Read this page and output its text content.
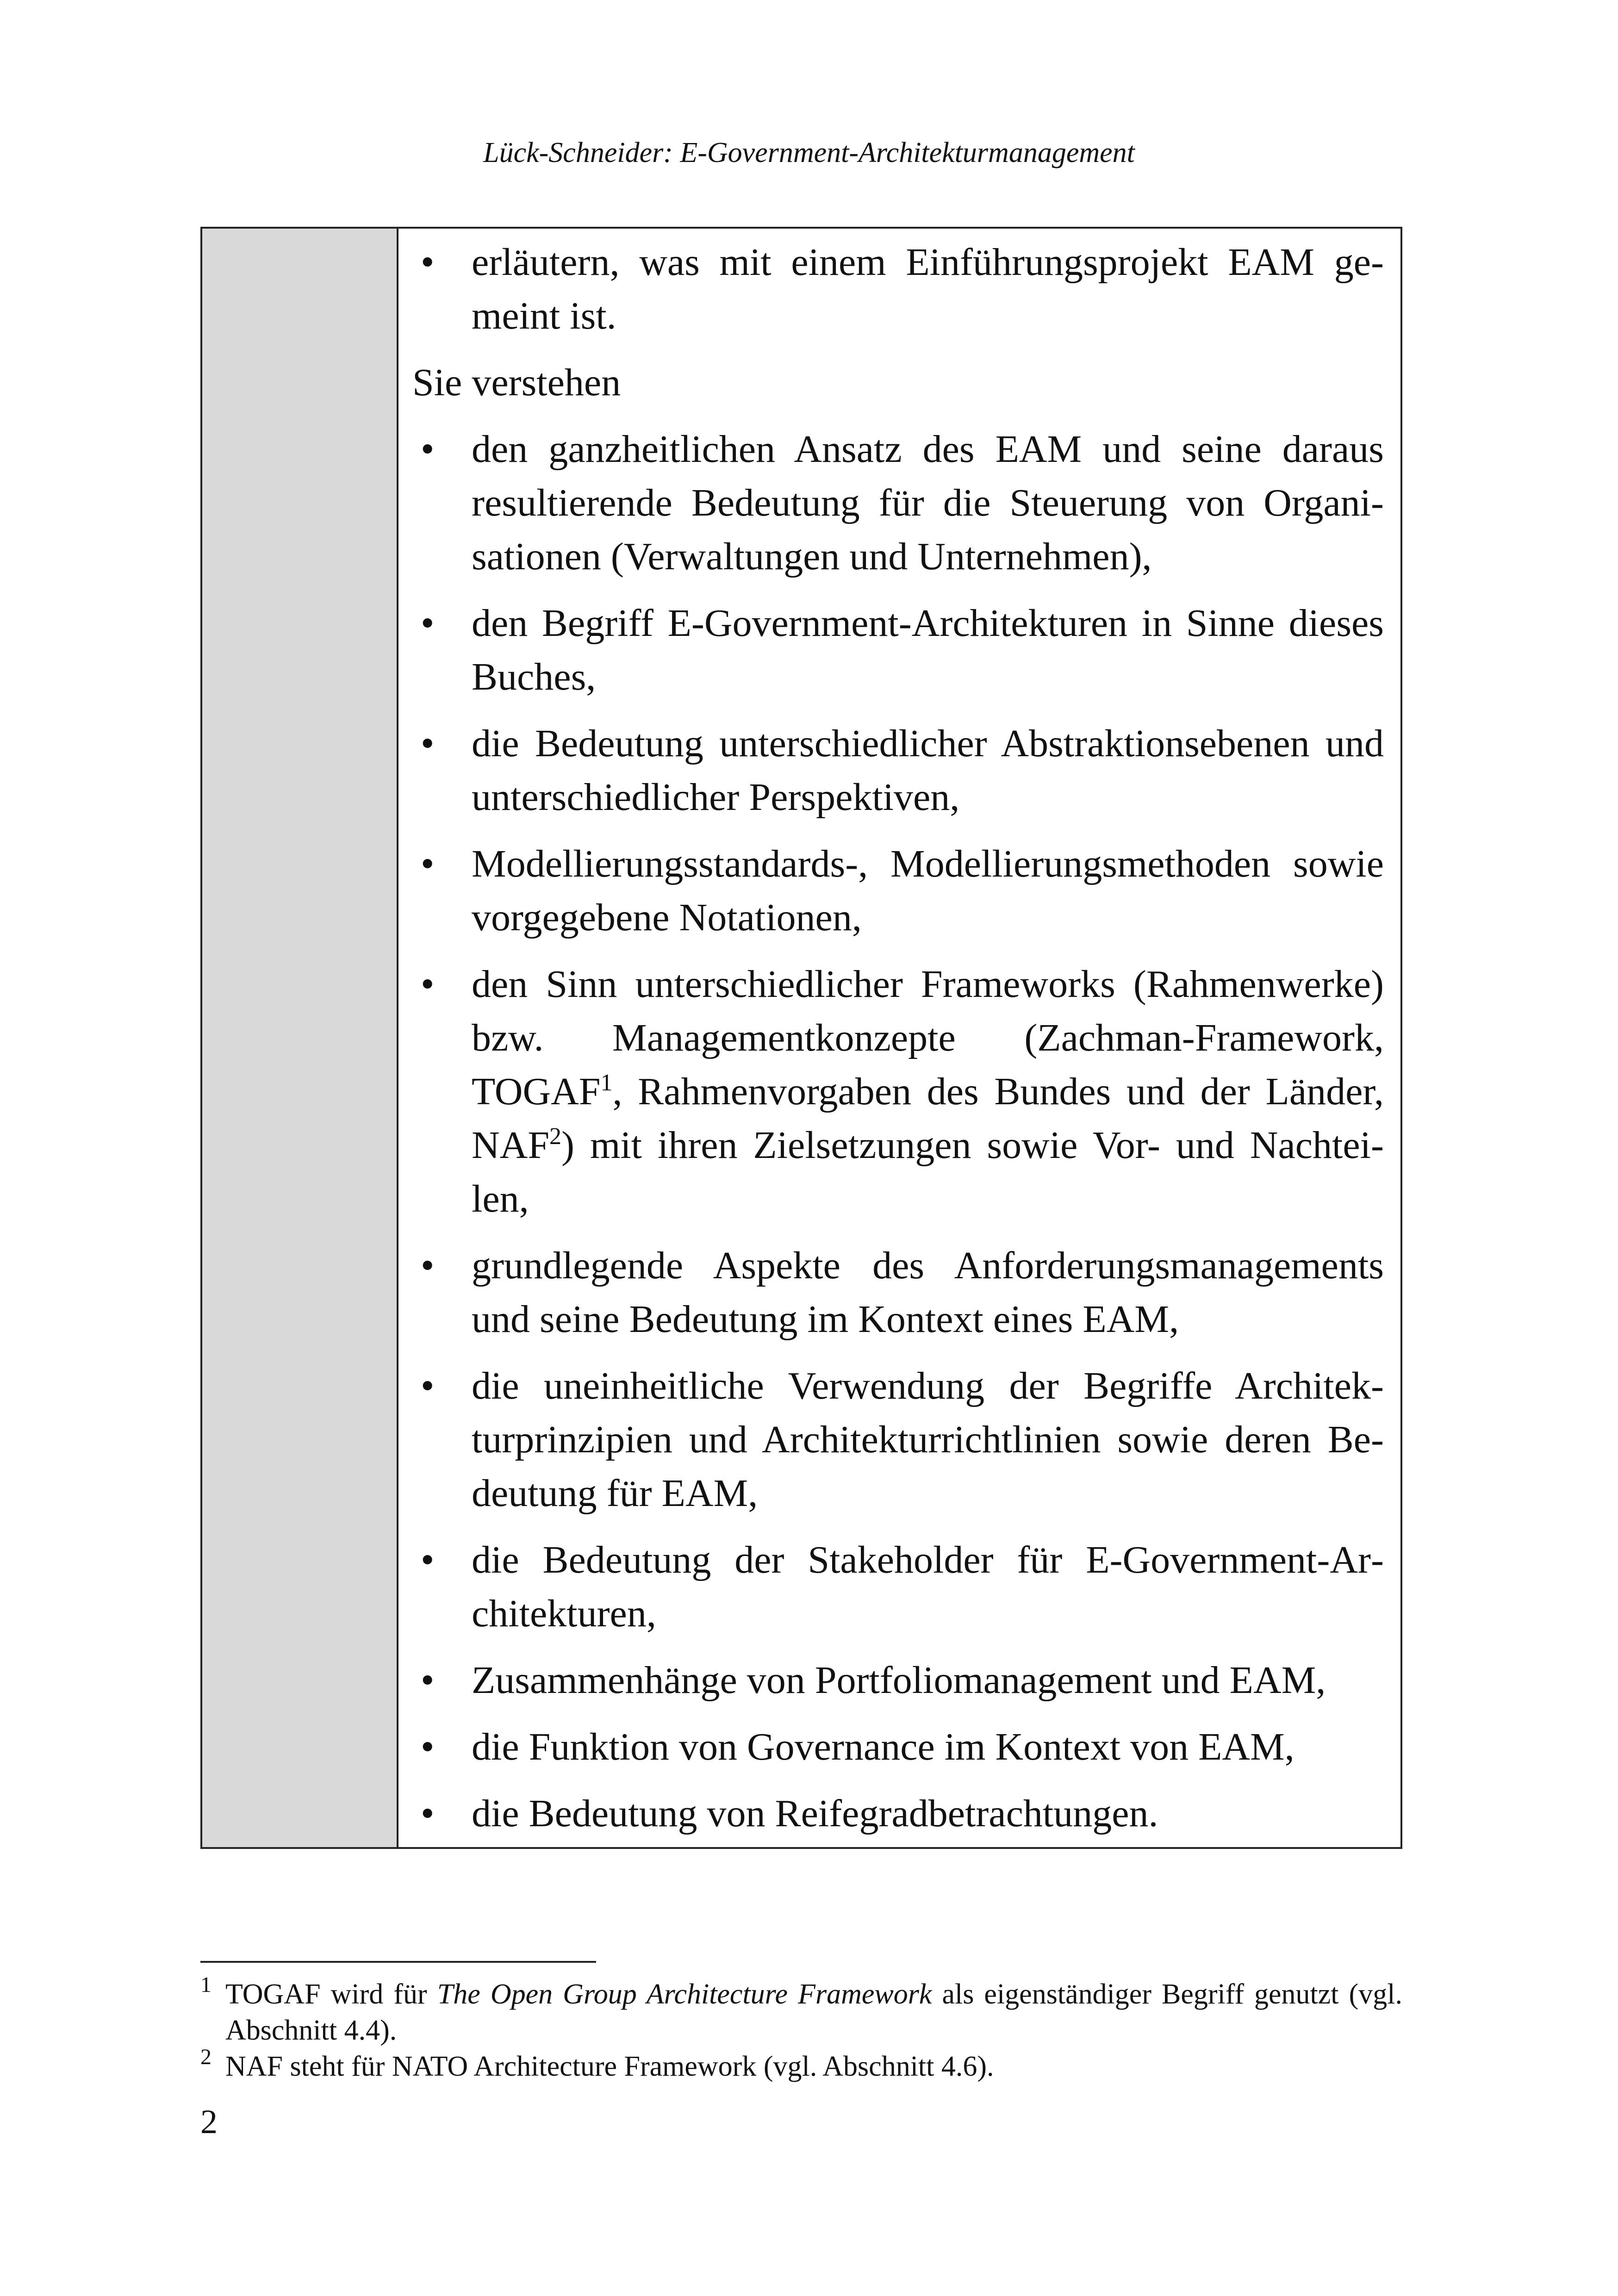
Lück-Schneider: E-Government-Architekturmanagement
• erläutern, was mit einem Einführungsprojekt EAM gemeint ist.

Sie verstehen

• den ganzheitlichen Ansatz des EAM und seine daraus resultierende Bedeutung für die Steuerung von Organisationen (Verwaltungen und Unternehmen),
• den Begriff E-Government-Architekturen in Sinne dieses Buches,
• die Bedeutung unterschiedlicher Abstraktionsebenen und unterschiedlicher Perspektiven,
• Modellierungsstandards-, Modellierungsmethoden sowie vorgegebene Notationen,
• den Sinn unterschiedlicher Frameworks (Rahmenwerke) bzw. Managementkonzepte (Zachman-Framework, TOGAF$^1$, Rahmenvorgaben des Bundes und der Länder, NAF$^2$) mit ihren Zielsetzungen sowie Vor- und Nachteilen,
• grundlegende Aspekte des Anforderungsmanagements und seine Bedeutung im Kontext eines EAM,
• die uneinheitliche Verwendung der Begriffe Architekturprinzipien und Architekturrichtlinien sowie deren Bedeutung für EAM,
• die Bedeutung der Stakeholder für E-Government-Architekturen,
• Zusammenhänge von Portfoliomanagement und EAM,
• die Funktion von Governance im Kontext von EAM,
• die Bedeutung von Reifegradbetrachtungen.
1 TOGAF wird für The Open Group Architecture Framework als eigenständiger Begriff genutzt (vgl. Abschnitt 4.4).
2 NAF steht für NATO Architecture Framework (vgl. Abschnitt 4.6).
2
